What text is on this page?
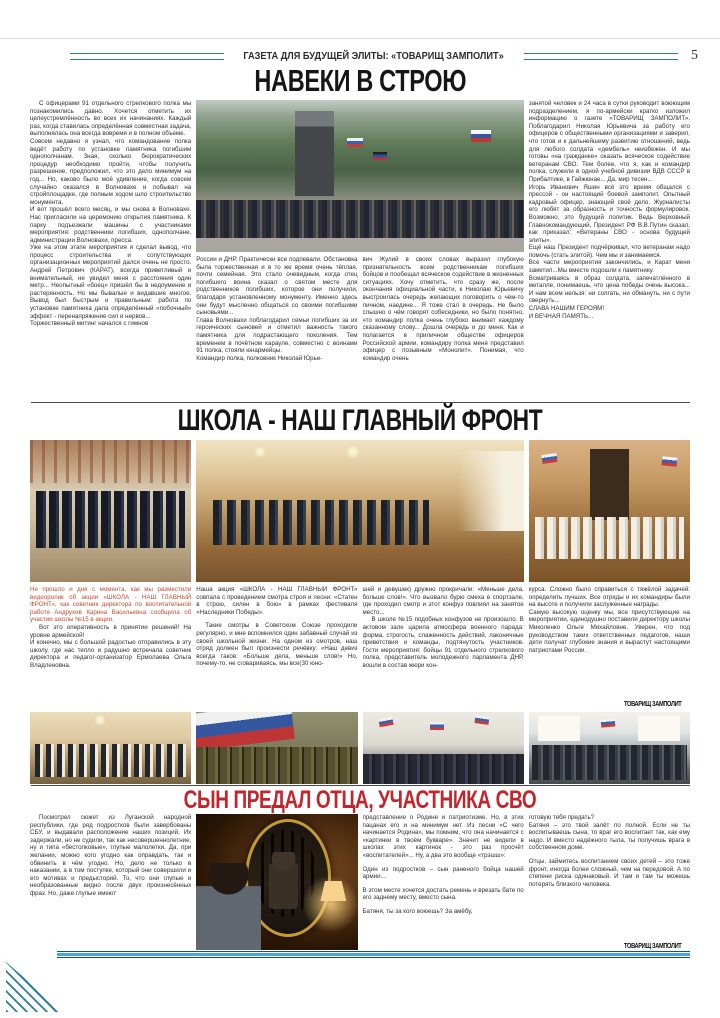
ГАЗЕТА ДЛЯ БУДУЩЕЙ ЭЛИТЫ: «ТОВАРИЩ ЗАМПОЛИТ»	5
НАВЕКИ В СТРОЮ

С офицерами 91 отдельного стрелкового полка мы познакомились давно. Хочется отметить их целеустремлённость во всех их начинаниях. Каждый раз, когда ставилась определённая совместная задача, выполнялась она всегда вовремя и в полном объеме.

Совсем недавно я узнал, что командование полка ведёт работу по установке памятника погибшим однополчанам. Зная, сколько бюрократических процедур необходимо пройти, чтобы получить разрешение, предположил, что это дело минимум на год... Но, каково было моё удивление, когда совсем случайно оказался в Волновахе и побывал на стройплощадке, где полным ходом шло строительство монумента.

И вот прошёл всего месяц, и мы снова в Волновахе. Нас пригласили на церемонию открытия памятника. К парку подъезжали машины с участниками мероприятия: родственники погибших, однополчане, администрации Волновахи, пресса.

Уже на этом этапе мероприятия я сделал вывод, что процесс строительства и сопутствующих организационных мероприятий дался очень не просто. Андрей Петрович (КАРАТ), всегда приветливый и внимательный, не увидел меня с расстояния один метр... Неопытный «боец» пришёл бы в недоумение и растерянность. Но мы бывалые и видавшие многое. Вывод был быстрым и правильным: работа по установке памятника дала определённый «побочный» эффект - перенапряжение сил и нервов...

Торжественный митинг начался с гимнов

России и ДНР. Практически все подпевали. Обстановка была торжественная и в то же время очень тёплая, почти семейная. Это стало очевидным, когда отец погибшего воина сказал о святом месте для родственников погибших, которое они получили, благодаря установленному монументу. Именно здесь они будут мысленно общаться со своими погибшими сыновьями...

Глава Волновахи поблагодарил семьи погибших за их героических сыновей и отметил важность такого памятника для подрастающего поколения. Тем временем в почётном карауле, совместно с воинами 91 полка, стояли юнармейцы.

Командир полка, полковник Николай Юрье-

вич Жулий в своих словах выразил глубокую признательность всем родственникам погибших бойцов и пообещал всяческое содействие в жизненных ситуациях. Хочу отметить, что сразу же, после окончания официальной части, к Николаю Юрьевичу выстроилась очередь желающих поговорить о чём-то личном, наедине... Я тоже стал в очередь. Не было слышно о чём говорят собеседники, но было понятно, что командир полка очень глубоко внимает каждому сказанному слову... Дошла очередь и до меня. Как и полагается в приличном обществе офицеров Российской армии, командиру полка меня представил офицер с позывным «Монолит». Понимая, что командир очень

занятой человек и 24 часа в сутки руководит воюющим подразделением, я по-армейски кратко изложил информацию о газете «ТОВАРИЩ ЗАМПОЛИТ». Поблагодарил Николая Юрьевича за работу его офицеров с общественными организациями и заверил, что готов и к дальнейшему развитию отношений, ведь для любого солдата «дембель» неизбежен. И мы готовы «на гражданке» оказать всяческое содействие ветеранам СВО. Тем более, что я, как и командир полка, служили в одной учебной дивизии ВДВ СССР в Прибалтике, в Гайжюнае... Да, мир тесен...

Игорь Иванович Яшин всё это время общался с прессой - он настоящий боевой замполит. Опытный кадровый офицер, знающий своё дело. Журналисты его любят за образность и точность формулировок. Возможно, это будущий политик. Ведь Верховный Главнокомандующий, Президент РФ В.В.Путин сказал, как приказал: «Ветераны СВО - основа будущей элиты».

Ещё наш Президент подчёркивал, что ветеранам надо помочь (стать элитой). Чем мы и занимаемся.

Все части мероприятия закончились, и Карат меня заметил...Мы вместе подошли к памятнику.

Всматриваясь в образ солдата, запечатлённого в металле, понимаешь, что цена победы очень высока... И нам всем нельзя: ни солгать, ни обмануть, ни с пути свернуть...

СЛАВА НАШИМ ГЕРОЯМ!

И ВЕЧНАЯ ПАМЯТЬ...

ШКОЛА - НАШ ГЛАВНЫЙ ФРОНТ

Не прошло и дня с момента, как мы разместили видеоролик об акции «ШКОЛА - НАШ ГЛАВНЫЙ ФРОНТ», как советник директора по воспитательной работе Андрухив Карина Васильевна сообщила об участии школы №15 в акции.

Вот это оперативность в принятии решений! На уровне армейской!

И конечно, мы с большой радостью отправились в эту школу, где нас тепло и радушно встречала советник директора и педагог-организатор Ермолаева Ольга Владленовна.

Наша акция «ШКОЛА - НАШ ГЛАВНЫЙ ФРОНТ» совпала с проведением смотра строя и песни: «Статен в строю, силен в бою» в рамках фестиваля «Наследники Победы».

Такие смотры в Советском Союзе проходили регулярно, и мне вспомнился один забавный случай из своей школьной жизни. На одном из смотров, наш отряд должен был произнести речёвку: «Наш девиз всегда таков: «Больше дела, меньше слов!» Но, почему-то, не сговариваясь, мы все(30 юно-

шей и девушек) дружно прокричали: «Меньше дела, больше слов!». Что вызвало бурю смеха в спортзале, где проходил смотр и этот конфуз повлиял на занятое место...

В школе №15 подобных конфузов не произошло. В актовом зале царила атмосфера военного парада: форма, строгость, слаженность действий, лаконичные приветствия и команды, подтянутость участников. Гости мероприятия: бойцы 91 отдельного стрелкового полка, представитель молодежного парламента ДНР, вошли в состав жюри кон-

курса. Сложно было справиться с тяжёлой задачей: определить лучших. Все отряды и их командиры были на высоте и получили заслуженные награды.

Самую высокую оценку мы, все присутствующие на мероприятии, единодушно поставили директору школы Миколенко Ольге Михайловне. Уверен, что под руководством таких ответственных педагогов, наши дети получат глубокие знания и вырастут настоящими патриотами России.

ТОВАРИЩ ЗАМПОЛИТ
СЫН ПРЕДАЛ ОТЦА, УЧАСТНИКА СВО

Посмотрел сюжет из Луганской народной республики, где ряд подростков были завербованы СБУ, и выдавали расположение наших позиций. Их задержали, но не судили, так как несовершеннолетние, ну и типа «бестолковые», глупые малолетки. Да, при желании, можно кого угодно как оправдать, так и обвинить в чём угодно. Но, дело не только в наказании, а в том поступке, который они совершили и его мотивах и предысторий. То, что они глупые и необразованные видно после двух произнесённых фраз. Но, даже глупые имеют

представление о Родине и патриотизме. Но, в этих пацанах его и на минимум нет. Из песни «С чего начинается Родина», мы помним, что она начинается с «картинки в твоём букваре». Значит не видели в школах этих картинок - это раз просчёт «воспитателей»... Ну, а два это вообще «трэшш»:

Один из подростков – сын раненого бойца нашей армии...

В этом месте хочется достать ремень и врезать бате по его заднему месту, вместо сына.

Батяня, ты за кого воюешь? За амёбу,

готовую тебя предать?

Батяня – это твой залёт по полной. Если не ты воспитываешь сына, то враг его воспитает так, как ему надо. И вместо надёжного тыла, ты получишь врага в собственном доме.

Отцы, займитесь воспитанием своих детей – это тоже фронт, иногда более сложный, чем на передовой. А по степени риска одинаковый. И там и там ты можешь потерять близкого человека.

ТОВАРИЩ ЗАМПОЛИТ
